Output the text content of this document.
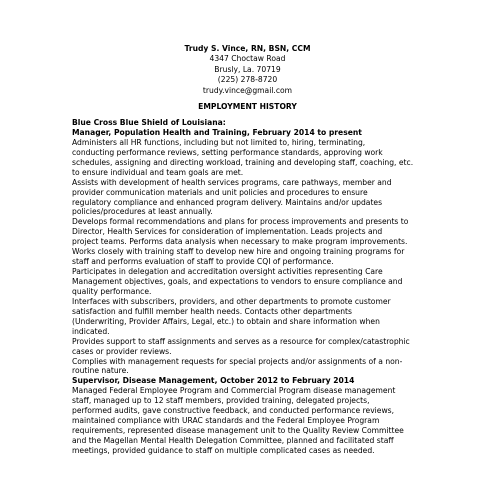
Trudy S. Vince, RN, BSN, CCM
4347 Choctaw Road
Brusly, La. 70719
(225) 278-8720
trudy.vince@gmail.com
EMPLOYMENT HISTORY
Blue Cross Blue Shield of Louisiana:
Manager, Population Health and Training, February 2014 to present
Administers all HR functions, including but not limited to, hiring, terminating,
conducting performance reviews, setting performance standards, approving work
schedules, assigning and directing workload, training and developing staff, coaching, etc.
to ensure individual and team goals are met.
Assists with development of health services programs, care pathways, member and
provider communication materials and unit policies and procedures to ensure
regulatory compliance and enhanced program delivery. Maintains and/or updates
policies/procedures at least annually.
Develops formal recommendations and plans for process improvements and presents to
Director, Health Services for consideration of implementation. Leads projects and
project teams. Performs data analysis when necessary to make program improvements.
Works closely with training staff to develop new hire and ongoing training programs for
staff and performs evaluation of staff to provide CQI of performance.
Participates in delegation and accreditation oversight activities representing Care
Management objectives, goals, and expectations to vendors to ensure compliance and
quality performance.
Interfaces with subscribers, providers, and other departments to promote customer
satisfaction and fulfill member health needs. Contacts other departments
(Underwriting, Provider Affairs, Legal, etc.) to obtain and share information when
indicated.
Provides support to staff assignments and serves as a resource for complex/catastrophic
cases or provider reviews.
Complies with management requests for special projects and/or assignments of a non-
routine nature.
Supervisor, Disease Management, October 2012 to February 2014
Managed Federal Employee Program and Commercial Program disease management
staff, managed up to 12 staff members, provided training, delegated projects,
performed audits, gave constructive feedback, and conducted performance reviews,
maintained compliance with URAC standards and the Federal Employee Program
requirements, represented disease management unit to the Quality Review Committee
and the Magellan Mental Health Delegation Committee, planned and facilitated staff
meetings, provided guidance to staff on multiple complicated cases as needed.
